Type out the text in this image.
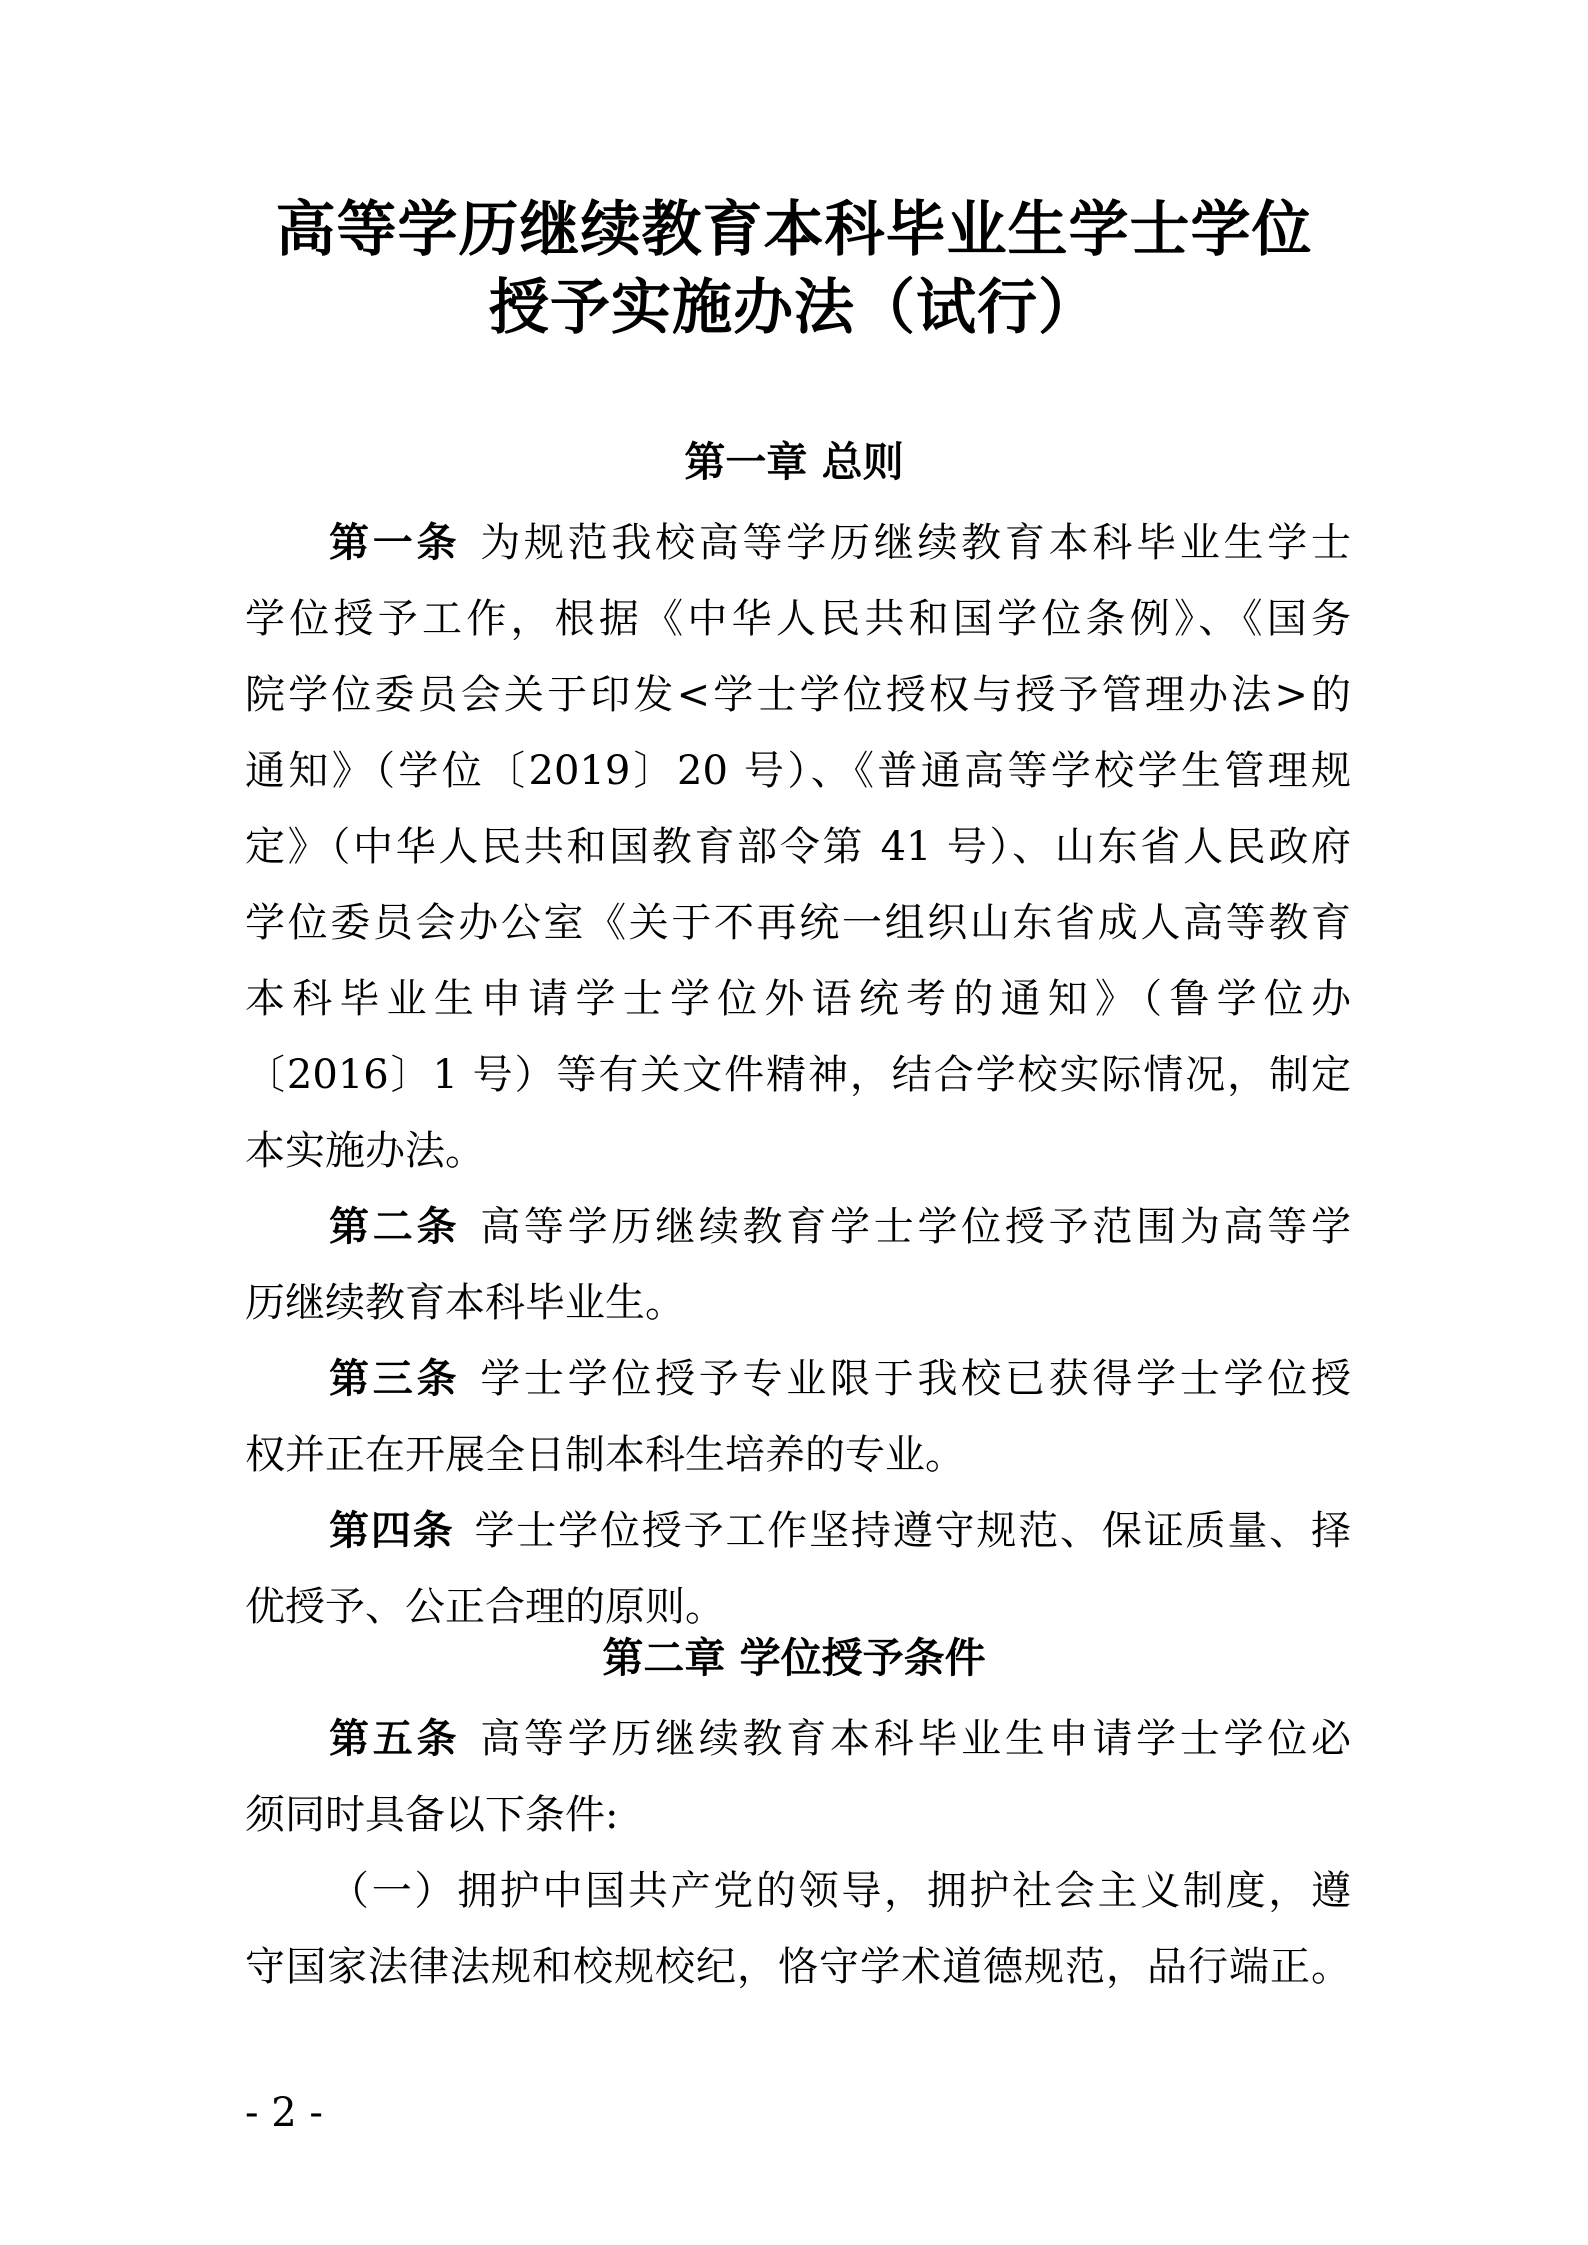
高等学历继续教育本科毕业生学士学位
授予实施办法（试行）
第一章 总则
第一条 为规范我校高等学历继续教育本科毕业生学士
学位授予工作，根据《中华人民共和国学位条例》、《国务
院学位委员会关于印发<学士学位授权与授予管理办法>的
通知》（学位〔2019〕20 号）、《普通高等学校学生管理规
定》（中华人民共和国教育部令第 41 号）、山东省人民政府
学位委员会办公室《关于不再统一组织山东省成人高等教育
本科毕业生申请学士学位外语统考的通知》（鲁学位办
〔2016〕1 号）等有关文件精神，结合学校实际情况，制定
本实施办法。
第二条 高等学历继续教育学士学位授予范围为高等学
历继续教育本科毕业生。
第三条 学士学位授予专业限于我校已获得学士学位授
权并正在开展全日制本科生培养的专业。
第四条 学士学位授予工作坚持遵守规范、保证质量、择
优授予、公正合理的原则。
第二章 学位授予条件
第五条 高等学历继续教育本科毕业生申请学士学位必
须同时具备以下条件:
（一）拥护中国共产党的领导，拥护社会主义制度，遵
守国家法律法规和校规校纪，恪守学术道德规范，品行端正。
- 2 -
